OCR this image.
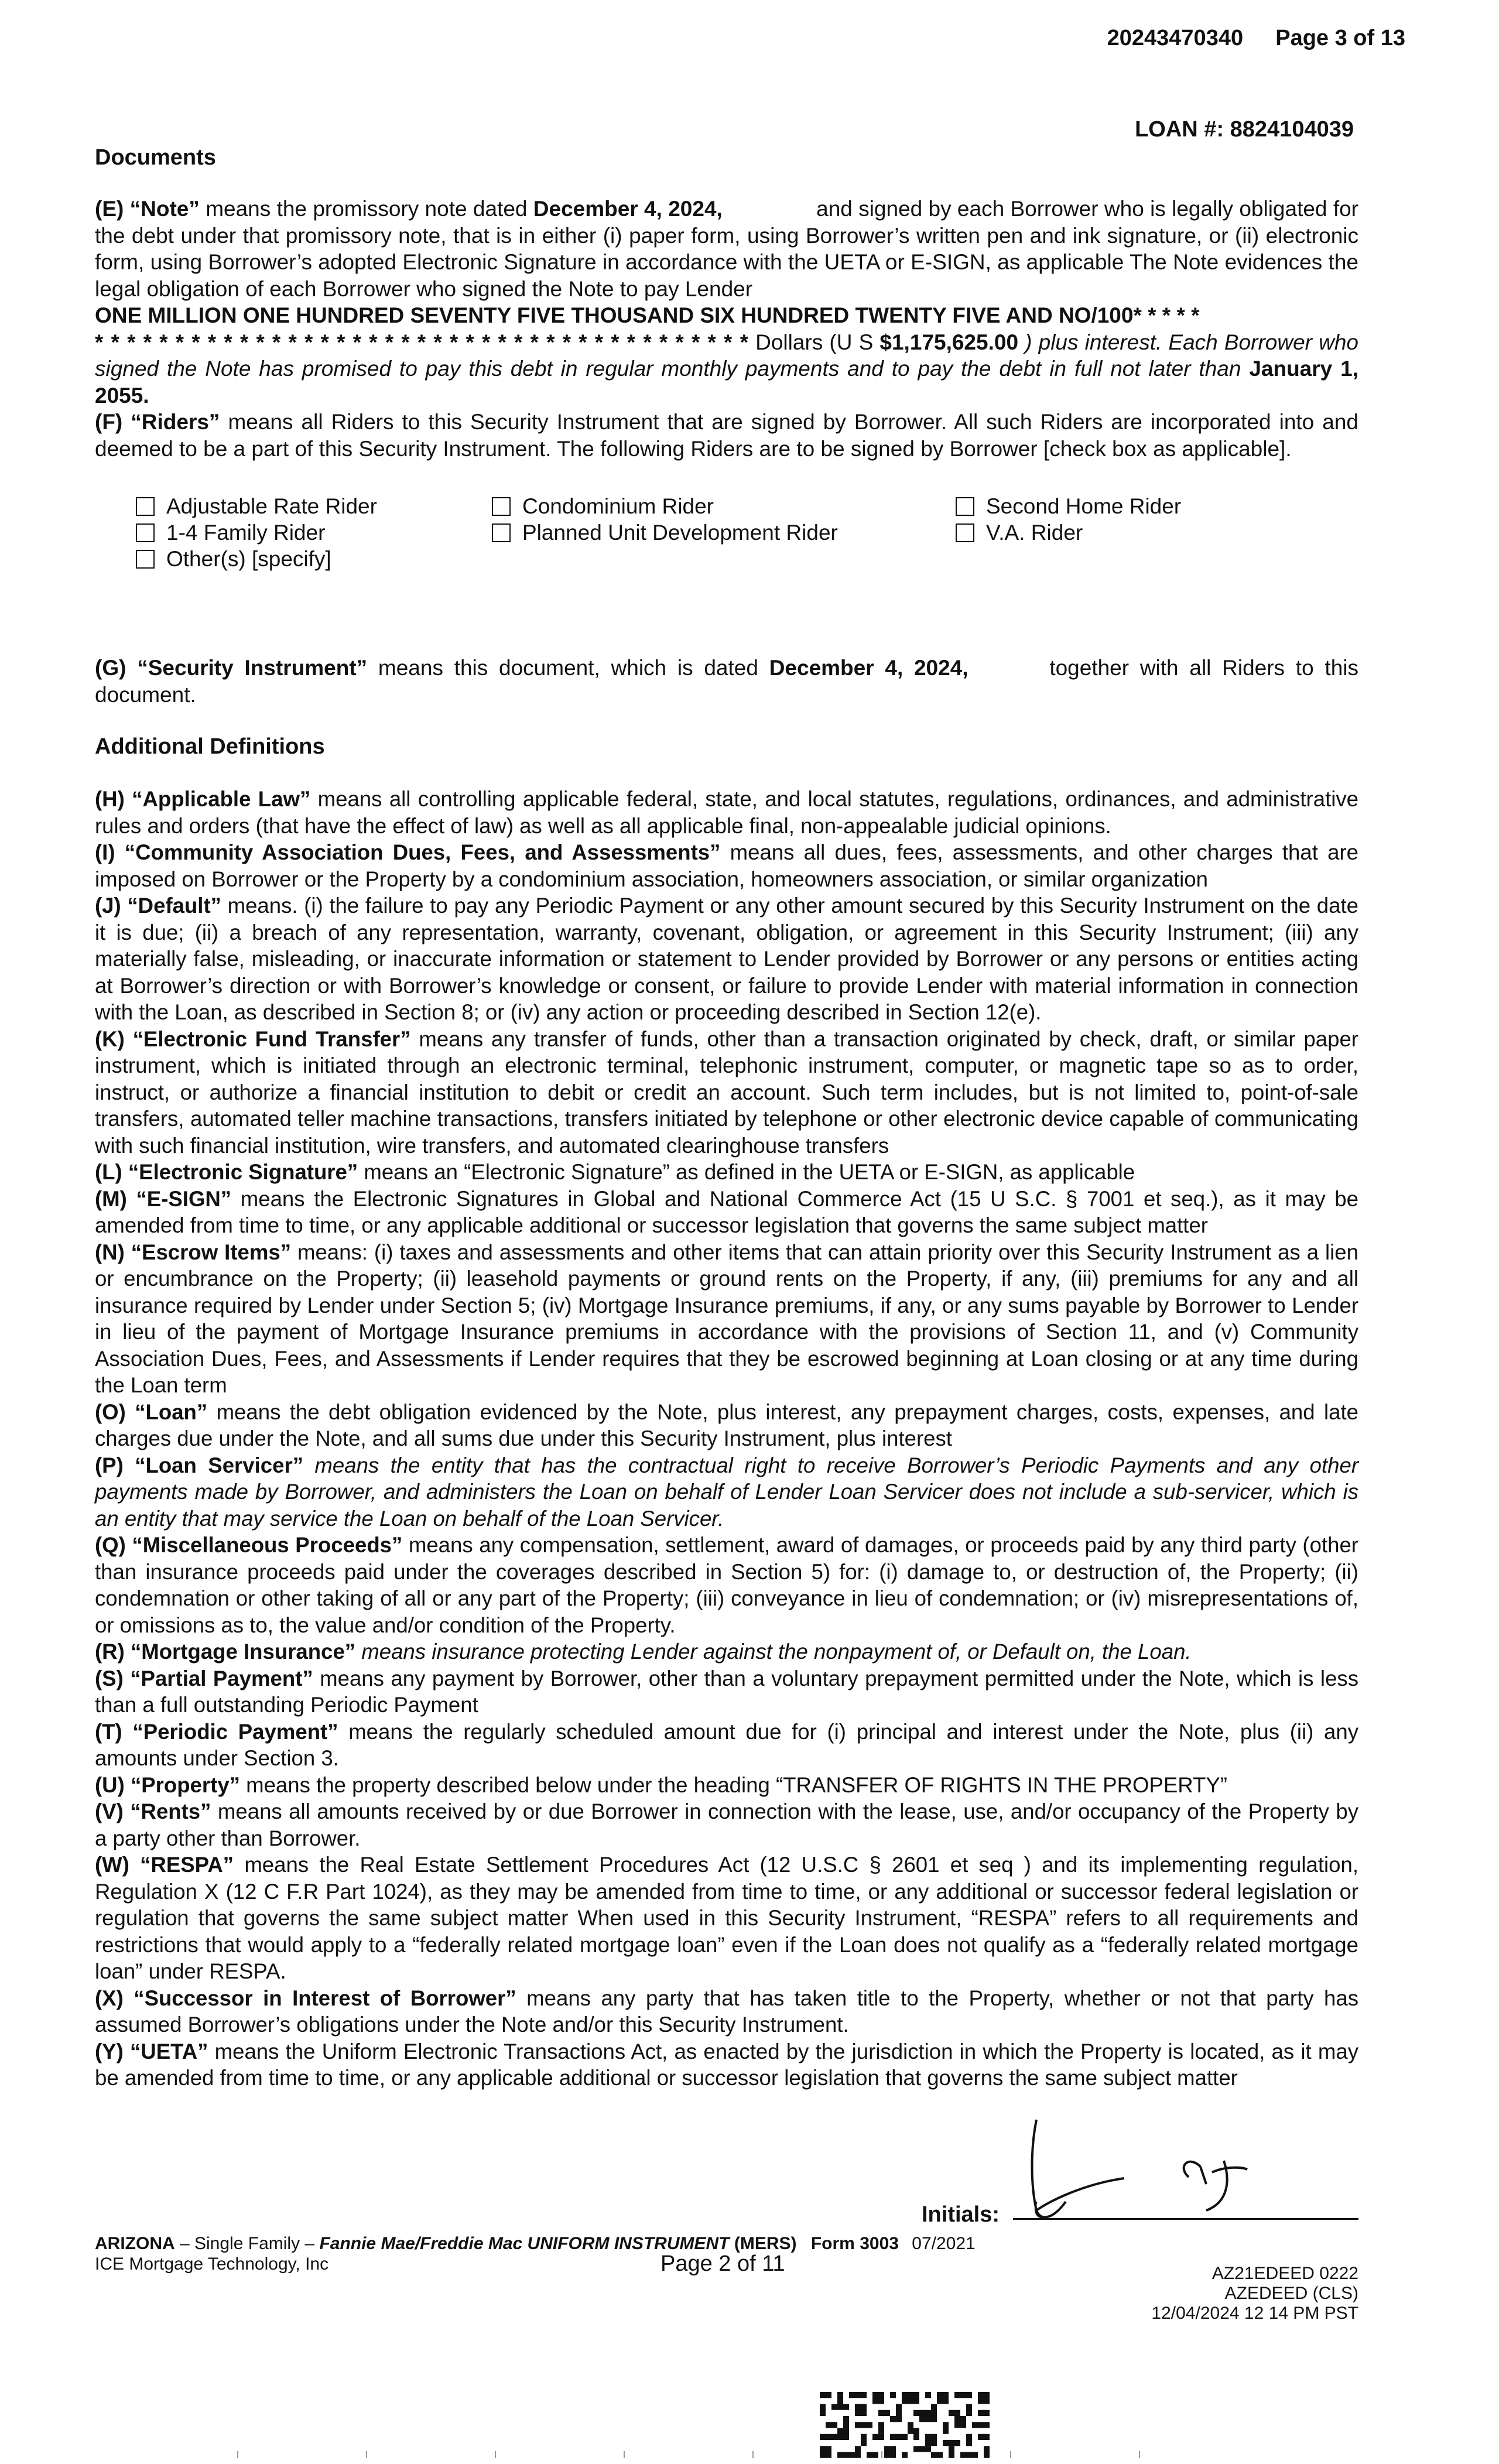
20243470340 Page 3 of 13
LOAN #: 8824104039
Documents

(E) “Note” means the promissory note dated December 4, 2024,	and signed by each Borrower who is legally obligated for the debt under that promissory note, that is in either (i) paper form, using Borrower’s written pen and ink signature, or (ii) electronic form, using Borrower’s adopted Electronic Signature in accordance with the UETA or E-SIGN, as applicable The Note evidences the legal obligation of each Borrower who signed the Note to pay Lender

ONE MILLION ONE HUNDRED SEVENTY FIVE THOUSAND SIX HUNDRED TWENTY FIVE AND NO/100* * * * *

* * * * * * * * * * * * * * * * * * * * * * * * * * * * * * * * * * * * * * * * * Dollars (U S $1,175,625.00 ) plus interest. Each Borrower who signed the Note has promised to pay this debt in regular monthly payments and to pay the debt in full not later than January 1, 2055.

(F) “Riders” means all Riders to this Security Instrument that are signed by Borrower. All such Riders are incorporated into and deemed to be a part of this Security Instrument. The following Riders are to be signed by Borrower [check box as applicable].

Adjustable Rate Rider	Condominium Rider	Second Home Rider
1-4 Family Rider	Planned Unit Development Rider	V.A. Rider
Other(s) [specify]

(G) “Security Instrument” means this document, which is dated December 4, 2024,	together with all Riders to this document.

Additional Definitions

(H) “Applicable Law” means all controlling applicable federal, state, and local statutes, regulations, ordinances, and administrative rules and orders (that have the effect of law) as well as all applicable final, non-appealable judicial opinions.

(I) “Community Association Dues, Fees, and Assessments” means all dues, fees, assessments, and other charges that are imposed on Borrower or the Property by a condominium association, homeowners association, or similar organization

(J) “Default” means. (i) the failure to pay any Periodic Payment or any other amount secured by this Security Instrument on the date it is due; (ii) a breach of any representation, warranty, covenant, obligation, or agreement in this Security Instrument; (iii) any materially false, misleading, or inaccurate information or statement to Lender provided by Borrower or any persons or entities acting at Borrower’s direction or with Borrower’s knowledge or consent, or failure to provide Lender with material information in connection with the Loan, as described in Section 8; or (iv) any action or proceeding described in Section 12(e).

(K) “Electronic Fund Transfer” means any transfer of funds, other than a transaction originated by check, draft, or similar paper instrument, which is initiated through an electronic terminal, telephonic instrument, computer, or magnetic tape so as to order, instruct, or authorize a financial institution to debit or credit an account. Such term includes, but is not limited to, point-of-sale transfers, automated teller machine transactions, transfers initiated by telephone or other electronic device capable of communicating with such financial institution, wire transfers, and automated clearinghouse transfers

(L) “Electronic Signature” means an “Electronic Signature” as defined in the UETA or E-SIGN, as applicable

(M) “E-SIGN” means the Electronic Signatures in Global and National Commerce Act (15 U S.C. § 7001 et seq.), as it may be amended from time to time, or any applicable additional or successor legislation that governs the same subject matter

(N) “Escrow Items” means: (i) taxes and assessments and other items that can attain priority over this Security Instrument as a lien or encumbrance on the Property; (ii) leasehold payments or ground rents on the Property, if any, (iii) premiums for any and all insurance required by Lender under Section 5; (iv) Mortgage Insurance premiums, if any, or any sums payable by Borrower to Lender in lieu of the payment of Mortgage Insurance premiums in accordance with the provisions of Section 11, and (v) Community Association Dues, Fees, and Assessments if Lender requires that they be escrowed beginning at Loan closing or at any time during the Loan term

(O) “Loan” means the debt obligation evidenced by the Note, plus interest, any prepayment charges, costs, expenses, and late charges due under the Note, and all sums due under this Security Instrument, plus interest

(P) “Loan Servicer” means the entity that has the contractual right to receive Borrower’s Periodic Payments and any other payments made by Borrower, and administers the Loan on behalf of Lender Loan Servicer does not include a sub-servicer, which is an entity that may service the Loan on behalf of the Loan Servicer.

(Q) “Miscellaneous Proceeds” means any compensation, settlement, award of damages, or proceeds paid by any third party (other than insurance proceeds paid under the coverages described in Section 5) for: (i) damage to, or destruction of, the Property; (ii) condemnation or other taking of all or any part of the Property; (iii) conveyance in lieu of condemnation; or (iv) misrepresentations of, or omissions as to, the value and/or condition of the Property.

(R) “Mortgage Insurance” means insurance protecting Lender against the nonpayment of, or Default on, the Loan.

(S) “Partial Payment” means any payment by Borrower, other than a voluntary prepayment permitted under the Note, which is less than a full outstanding Periodic Payment

(T) “Periodic Payment” means the regularly scheduled amount due for (i) principal and interest under the Note, plus (ii) any amounts under Section 3.

(U) “Property” means the property described below under the heading “TRANSFER OF RIGHTS IN THE PROPERTY”

(V) “Rents” means all amounts received by or due Borrower in connection with the lease, use, and/or occupancy of the Property by a party other than Borrower.

(W) “RESPA” means the Real Estate Settlement Procedures Act (12 U.S.C § 2601 et seq ) and its implementing regulation, Regulation X (12 C F.R Part 1024), as they may be amended from time to time, or any additional or successor federal legislation or regulation that governs the same subject matter When used in this Security Instrument, “RESPA” refers to all requirements and restrictions that would apply to a “federally related mortgage loan” even if the Loan does not qualify as a “federally related mortgage loan” under RESPA.

(X) “Successor in Interest of Borrower” means any party that has taken title to the Property, whether or not that party has assumed Borrower’s obligations under the Note and/or this Security Instrument.

(Y) “UETA” means the Uniform Electronic Transactions Act, as enacted by the jurisdiction in which the Property is located, as it may be amended from time to time, or any applicable additional or successor legislation that governs the same subject matter

Initials:
ARIZONA – Single Family – Fannie Mae/Freddie Mac UNIFORM INSTRUMENT (MERS) Form 3003 07/2021
ICE Mortgage Technology, Inc	Page 2 of 11	AZ21EDEED 0222
AZEDEED (CLS)
12/04/2024 12 14 PM PST
